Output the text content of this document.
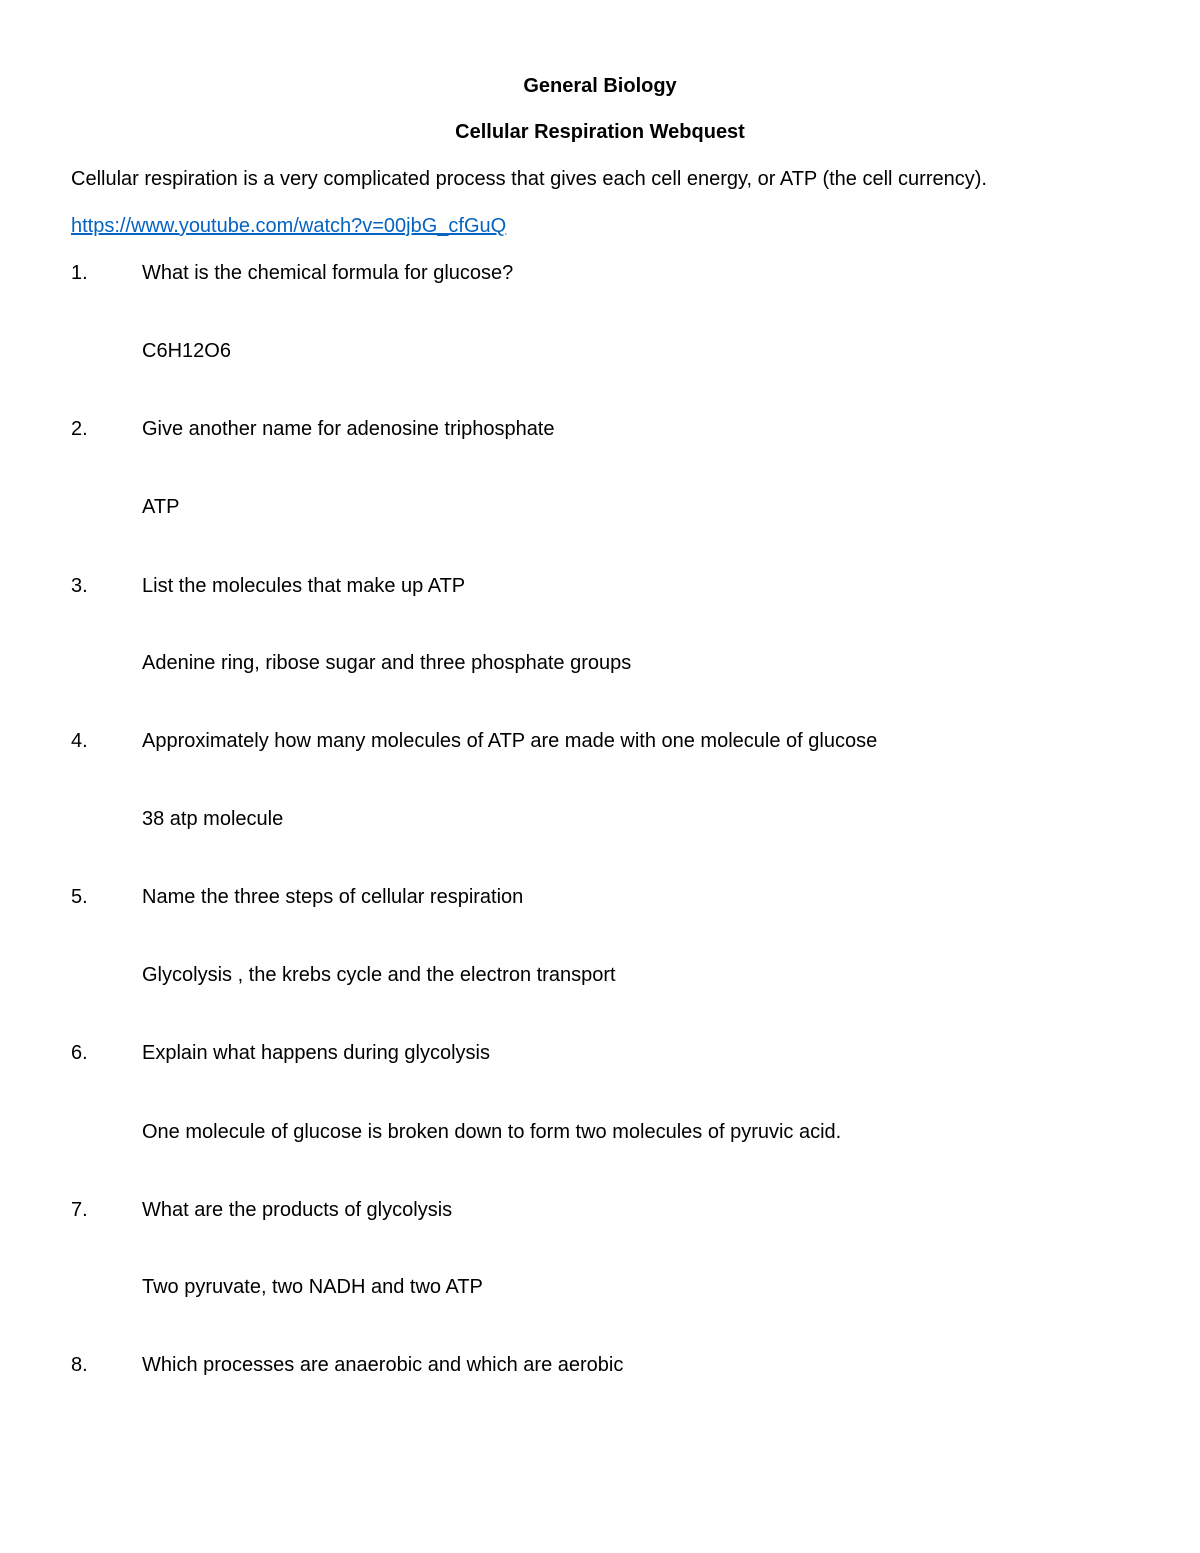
General Biology
Cellular Respiration Webquest
Cellular respiration is a very complicated process that gives each cell energy, or ATP (the cell currency).
https://www.youtube.com/watch?v=00jbG_cfGuQ
1.	What is the chemical formula for glucose?
C6H12O6
2.	Give another name for adenosine triphosphate
ATP
3.	List the molecules that make up ATP
Adenine ring, ribose sugar and three phosphate groups
4.	Approximately how many molecules of ATP are made with one molecule of glucose
38 atp molecule
5.	Name the three steps of cellular respiration
Glycolysis , the krebs cycle and the electron transport
6.	Explain what happens during glycolysis
One molecule of glucose is broken down to form two molecules of pyruvic acid.
7.	What are the products of glycolysis
Two pyruvate, two NADH and two ATP
8.	Which processes are anaerobic and which are aerobic
